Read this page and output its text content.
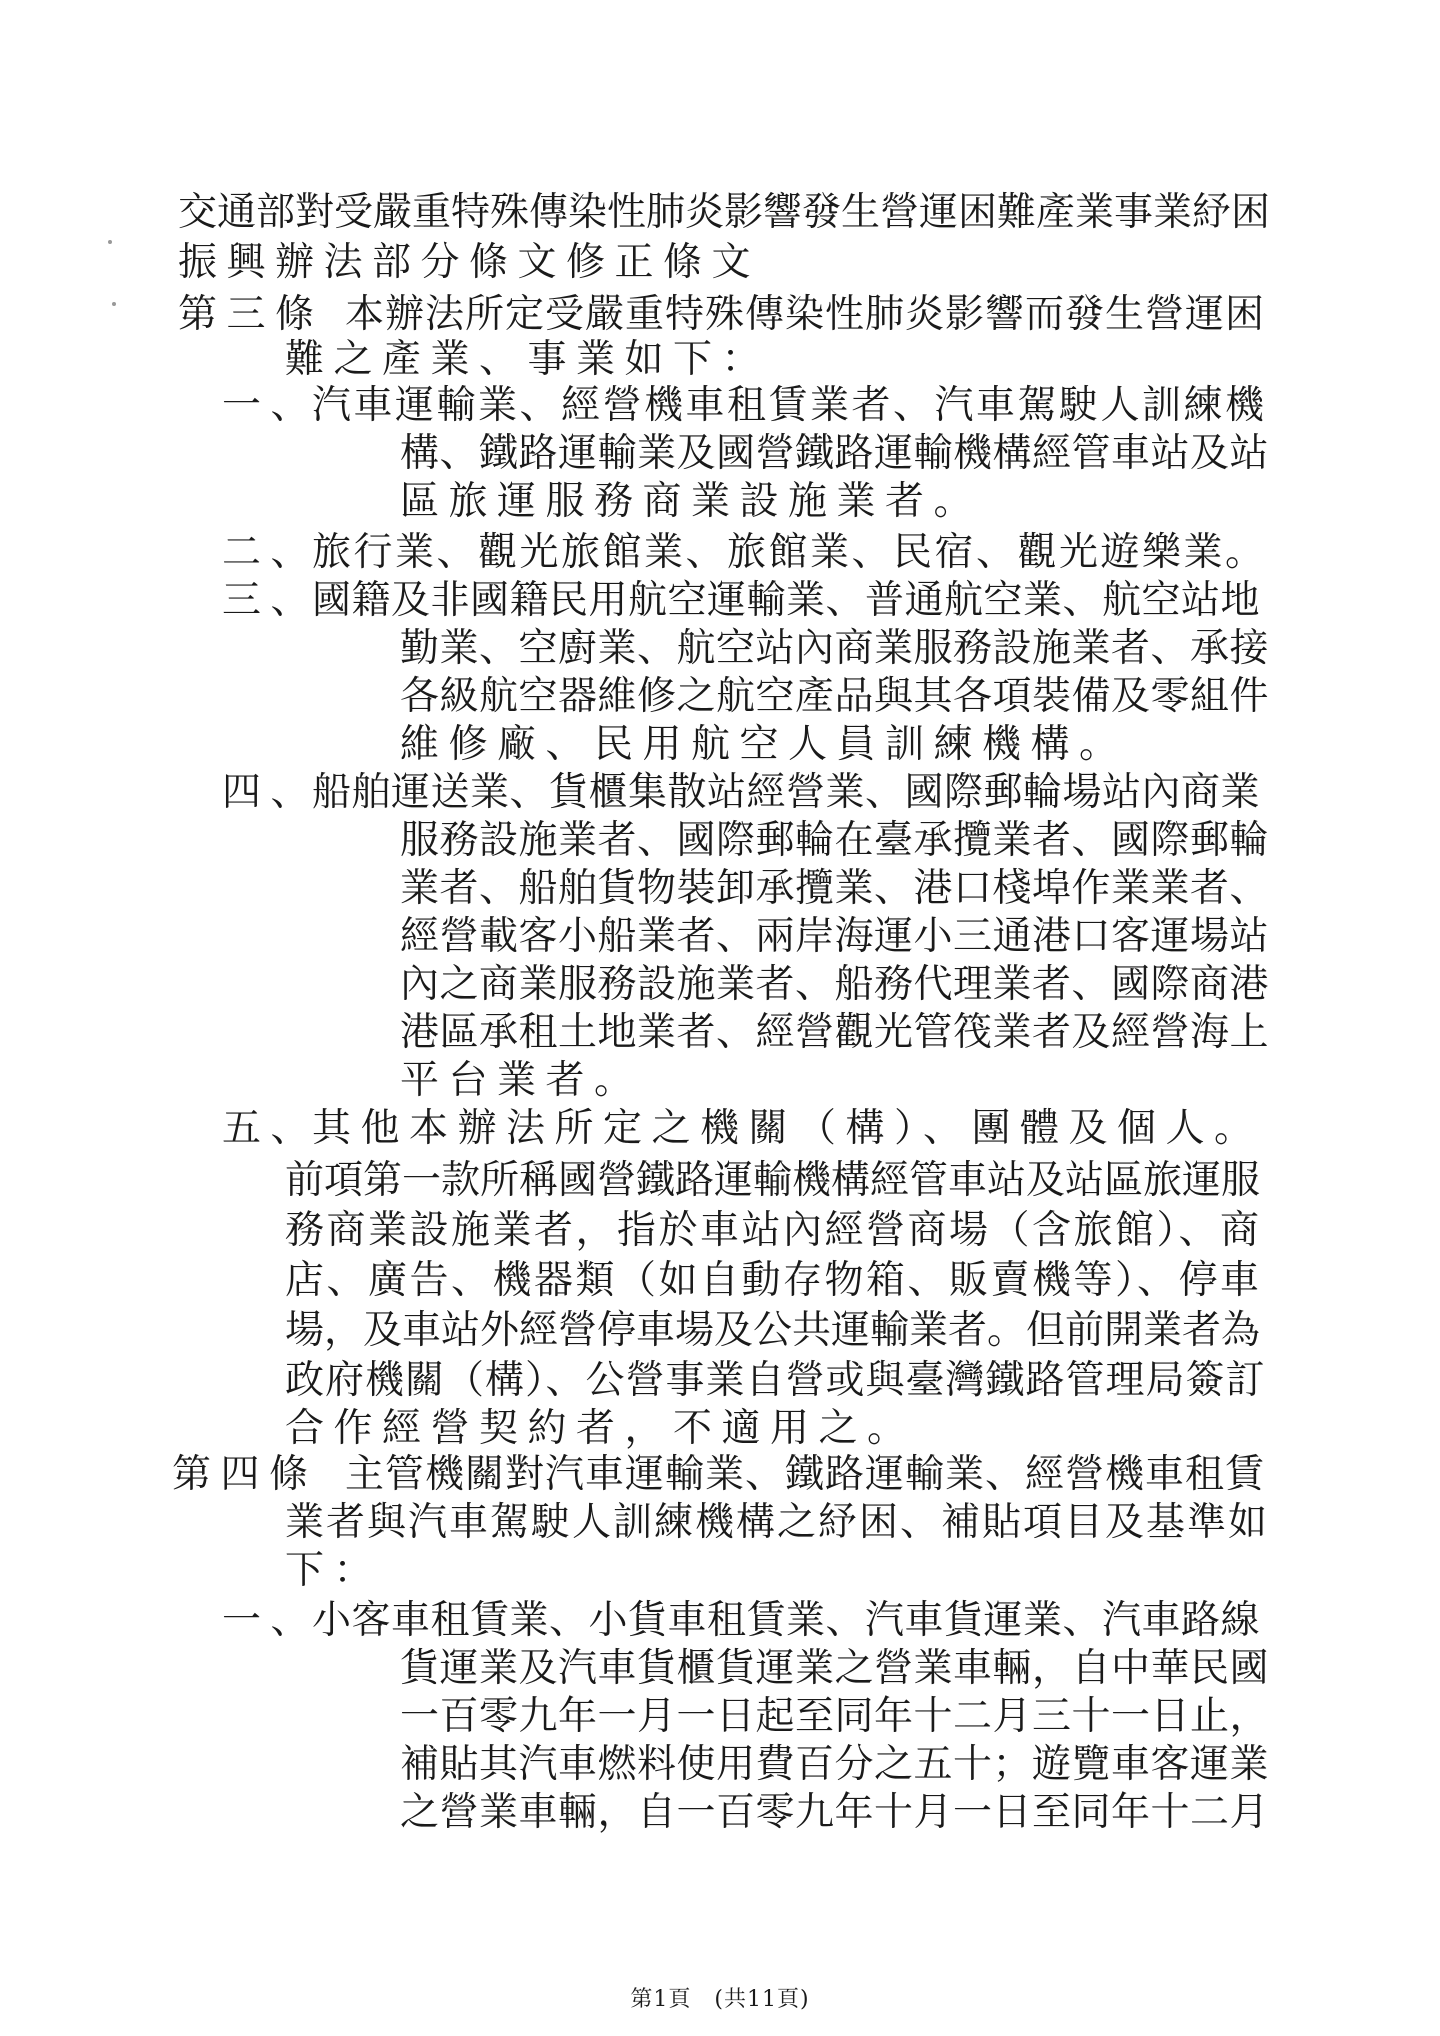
交通部對受嚴重特殊傳染性肺炎影響發生營運困難產業事業紓困
振興辦法部分條文修正條文
第三條 本辦法所定受嚴重特殊傳染性肺炎影響而發生營運困
難之產業、事業如下：
一、
汽車運輸業、經營機車租賃業者、汽車駕駛人訓練機
構、鐵路運輸業及國營鐵路運輸機構經管車站及站
區旅運服務商業設施業者。
二、
旅行業、觀光旅館業、旅館業、民宿、觀光遊樂業。
三、
國籍及非國籍民用航空運輸業、普通航空業、航空站地
勤業、空廚業、航空站內商業服務設施業者、承接
各級航空器維修之航空產品與其各項裝備及零組件
維修廠、民用航空人員訓練機構。
四、
船舶運送業、貨櫃集散站經營業、國際郵輪場站內商業
服務設施業者、國際郵輪在臺承攬業者、國際郵輪
業者、船舶貨物裝卸承攬業、港口棧埠作業業者、
經營載客小船業者、兩岸海運小三通港口客運場站
內之商業服務設施業者、船務代理業者、國際商港
港區承租土地業者、經營觀光管筏業者及經營海上
平台業者。
五、
其他本辦法所定之機關（構）、團體及個人。
前項第一款所稱國營鐵路運輸機構經管車站及站區旅運服
務商業設施業者，指於車站內經營商場（含旅館）、商
店、廣告、機器類（如自動存物箱、販賣機等）、停車
場，及車站外經營停車場及公共運輸業者。但前開業者為
政府機關（構）、公營事業自營或與臺灣鐵路管理局簽訂
合作經營契約者，不適用之。
第四條 主管機關對汽車運輸業、鐵路運輸業、經營機車租賃
業者與汽車駕駛人訓練機構之紓困、補貼項目及基準如
下：
一、
小客車租賃業、小貨車租賃業、汽車貨運業、汽車路線
貨運業及汽車貨櫃貨運業之營業車輛，自中華民國
一百零九年一月一日起至同年十二月三十一日止，
補貼其汽車燃料使用費百分之五十；遊覽車客運業
之營業車輛，自一百零九年十月一日至同年十二月
第1頁　(共11頁)
